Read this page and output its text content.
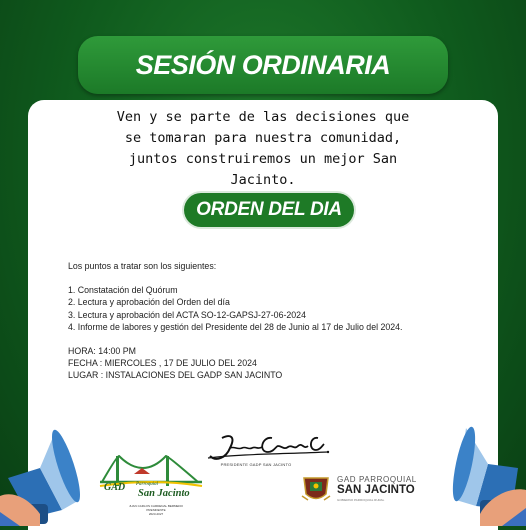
SESIÓN ORDINARIA
Ven y se parte de las decisiones que
se tomaran para nuestra comunidad,
juntos construiremos un mejor San
Jacinto.
ORDEN DEL DIA

Los puntos a tratar son los siguientes:

1. Constatación del Quórum

2. Lectura y aprobación del Orden del día

3. Lectura y aprobación del ACTA SO-12-GAPSJ-27-06-2024

4. Informe de labores y gestión del Presidente del 28 de Junio al 17 de Julio del 2024.

HORA: 14:00 PM

FECHA : MIERCOLES , 17 DE JULIO DEL 2024

LUGAR : INSTALACIONES DEL GADP SAN JACINTO

PRESIDENTE GADP SAN JACINTO
GAD Parroquial
San Jacinto
JUAN CARLOS CARDENAL BERMEDO
PRESIDENTE
2023-2027
GAD PARROQUIAL
SAN JACINTO
GOBIERNO PARROQUIAL RURAL
